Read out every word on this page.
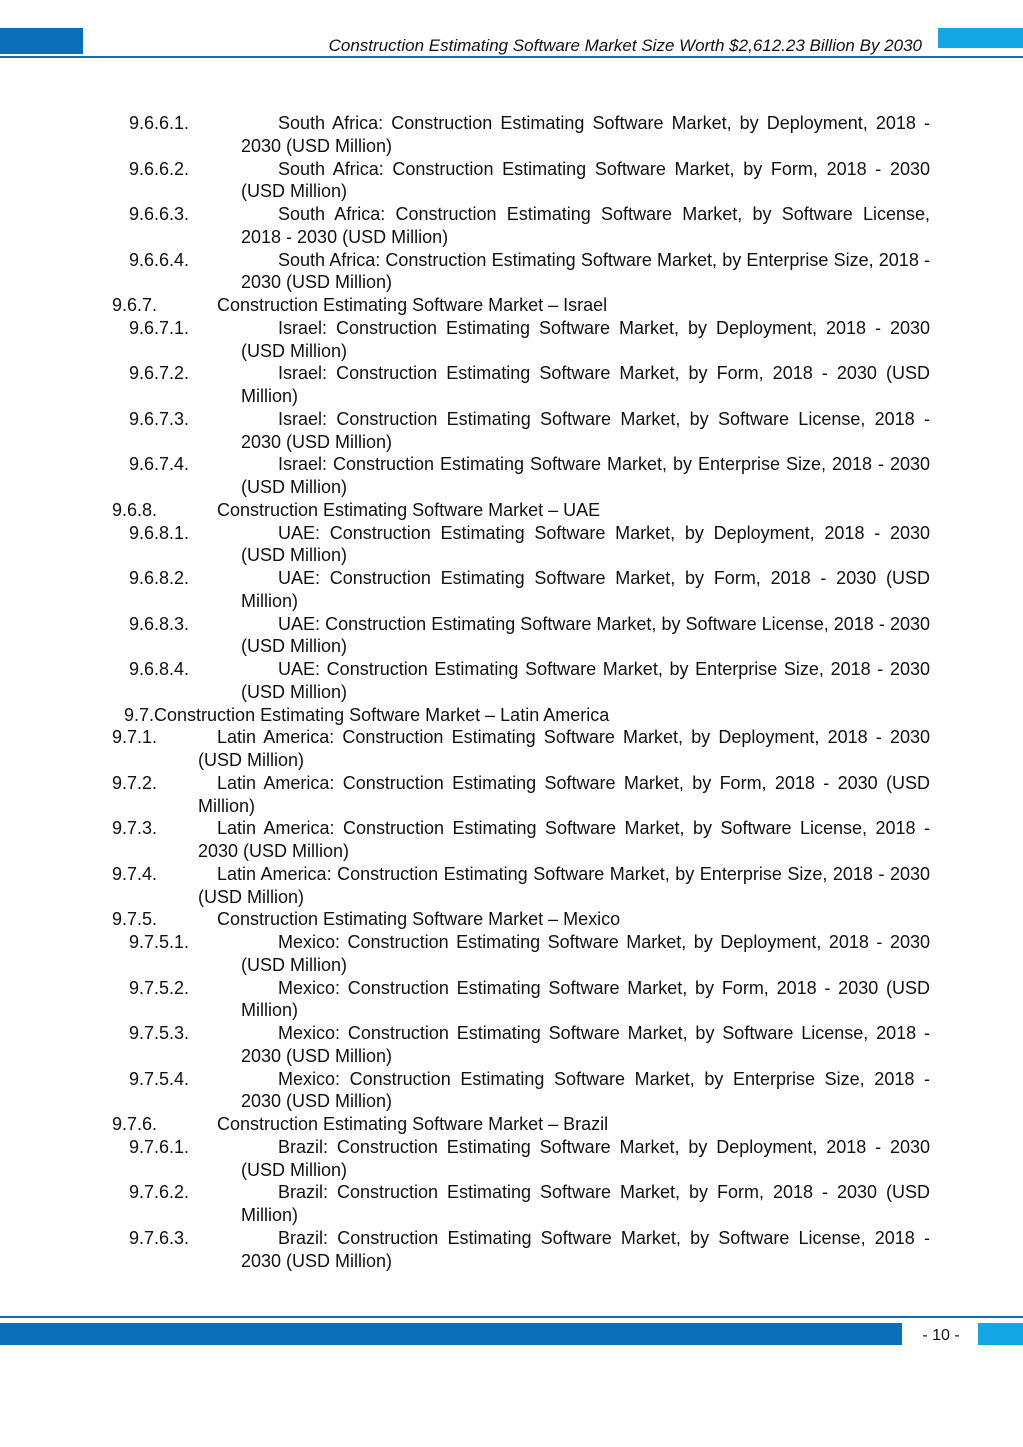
Construction Estimating Software Market Size Worth $2,612.23 Billion By 2030
9.6.6.1.	South Africa: Construction Estimating Software Market, by Deployment, 2018 - 2030 (USD Million)
9.6.6.2.	South Africa: Construction Estimating Software Market, by Form, 2018 - 2030 (USD Million)
9.6.6.3.	South Africa: Construction Estimating Software Market, by Software License, 2018 - 2030 (USD Million)
9.6.6.4.	South Africa: Construction Estimating Software Market, by Enterprise Size, 2018 - 2030 (USD Million)
9.6.7.	Construction Estimating Software Market – Israel
9.6.7.1.	Israel: Construction Estimating Software Market, by Deployment, 2018 - 2030 (USD Million)
9.6.7.2.	Israel: Construction Estimating Software Market, by Form, 2018 - 2030 (USD Million)
9.6.7.3.	Israel: Construction Estimating Software Market, by Software License, 2018 - 2030 (USD Million)
9.6.7.4.	Israel: Construction Estimating Software Market, by Enterprise Size, 2018 - 2030 (USD Million)
9.6.8.	Construction Estimating Software Market – UAE
9.6.8.1.	UAE: Construction Estimating Software Market, by Deployment, 2018 - 2030 (USD Million)
9.6.8.2.	UAE: Construction Estimating Software Market, by Form, 2018 - 2030 (USD Million)
9.6.8.3.	UAE: Construction Estimating Software Market, by Software License, 2018 - 2030 (USD Million)
9.6.8.4.	UAE: Construction Estimating Software Market, by Enterprise Size, 2018 - 2030 (USD Million)
9.7.Construction Estimating Software Market – Latin America
9.7.1.	Latin America: Construction Estimating Software Market, by Deployment, 2018 - 2030 (USD Million)
9.7.2.	Latin America: Construction Estimating Software Market, by Form, 2018 - 2030 (USD Million)
9.7.3.	Latin America: Construction Estimating Software Market, by Software License, 2018 - 2030 (USD Million)
9.7.4.	Latin America: Construction Estimating Software Market, by Enterprise Size, 2018 - 2030 (USD Million)
9.7.5.	Construction Estimating Software Market – Mexico
9.7.5.1.	Mexico: Construction Estimating Software Market, by Deployment, 2018 - 2030 (USD Million)
9.7.5.2.	Mexico: Construction Estimating Software Market, by Form, 2018 - 2030 (USD Million)
9.7.5.3.	Mexico: Construction Estimating Software Market, by Software License, 2018 - 2030 (USD Million)
9.7.5.4.	Mexico: Construction Estimating Software Market, by Enterprise Size, 2018 - 2030 (USD Million)
9.7.6.	Construction Estimating Software Market – Brazil
9.7.6.1.	Brazil: Construction Estimating Software Market, by Deployment, 2018 - 2030 (USD Million)
9.7.6.2.	Brazil: Construction Estimating Software Market, by Form, 2018 - 2030 (USD Million)
9.7.6.3.	Brazil: Construction Estimating Software Market, by Software License, 2018 - 2030 (USD Million)
- 10 -
